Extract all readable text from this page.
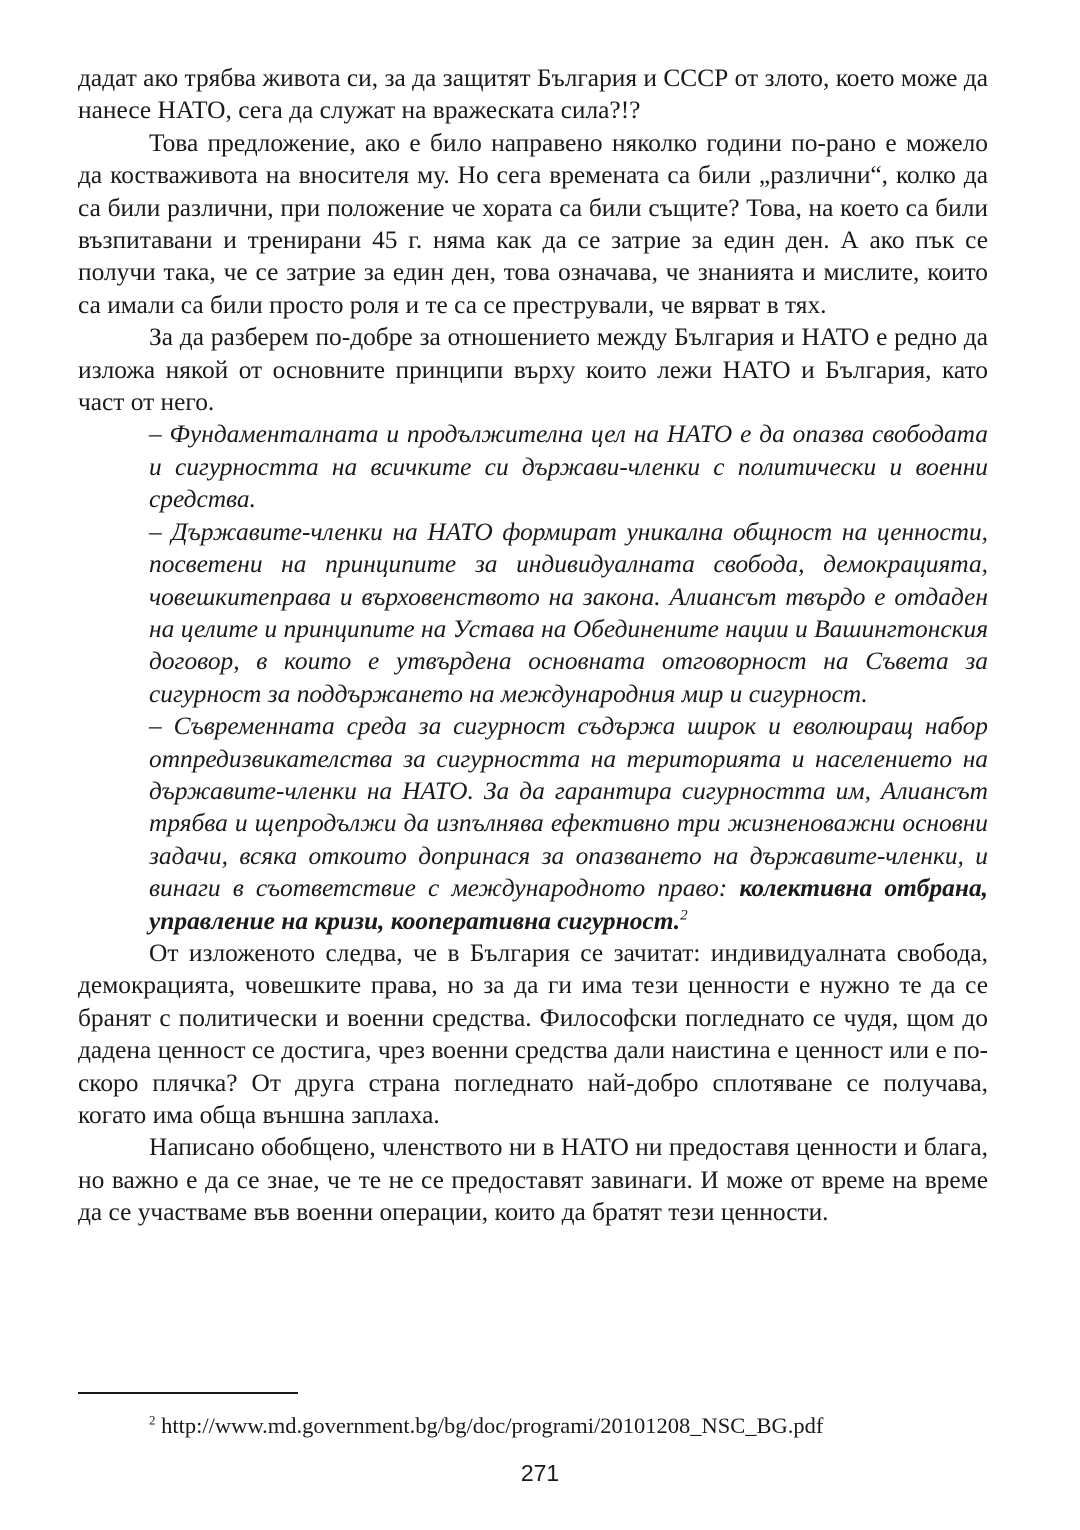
дадат ако трябва живота си, за да защитят България и СССР от злото, което може да нанесе НАТО, сега да служат на вражеската сила?!?

Това предложение, ако е било направено няколко години по-рано е можело да костваживота на вносителя му. Но сега времената са били „различни“, колко да са били различни, при положение че хората са били същите? Това, на което са били възпитавани и тренирани 45 г. няма как да се затрие за един ден. А ако пък се получи така, че се затрие за един ден, това означава, че знанията и мислите, които са имали са били просто роля и те са се престрували, че вярват в тях.

За да разберем по-добре за отношението между България и НАТО е редно да изложа някой от основните принципи върху които лежи НАТО и България, като част от него.

– Фундаменталната и продължителна цел на НАТО е да опазва свободата и сигурността на всичките си държави-членки с политически и военни средства.

– Държавите-членки на НАТО формират уникална общност на ценности, посветени на принципите за индивидуалната свобода, демокрацията, човешкитеправа и върховенството на закона. Алиансът твърдо е отдаден на целите и принципите на Устава на Обединените нации и Вашингтонския договор, в които е утвърдена основната отговорност на Съвета за сигурност за поддържането на международния мир и сигурност.

– Съвременната среда за сигурност съдържа широк и еволюиращ набор отпредизвикателства за сигурността на територията и населението на държавите-членки на НАТО. За да гарантира сигурността им, Алиансът трябва и щепродължи да изпълнява ефективно три жизненоважни основни задачи, всяка откоито допринася за опазването на държавите-членки, и винаги в съответствие с международното право: колективна отбрана, управление на кризи, кооперативна сигурност.$^2$

От изложеното следва, че в България се зачитат: индивидуалната свобода, демокрацията, човешките права, но за да ги има тези ценности е нужно те да се бранят с политически и военни средства. Философски погледнато се чудя, щом до дадена ценност се достига, чрез военни средства дали наистина е ценност или е по-скоро плячка? От друга страна погледнато най-добро сплотяване се получава, когато има обща външна заплаха.

Написано обобщено, членството ни в НАТО ни предоставя ценности и блага, но важно е да се знае, че те не се предоставят завинаги. И може от време на време да се участваме във военни операции, които да братят тези ценности.

$^2$ http://www.md.government.bg/bg/doc/programi/20101208_NSC_BG.pdf
271
